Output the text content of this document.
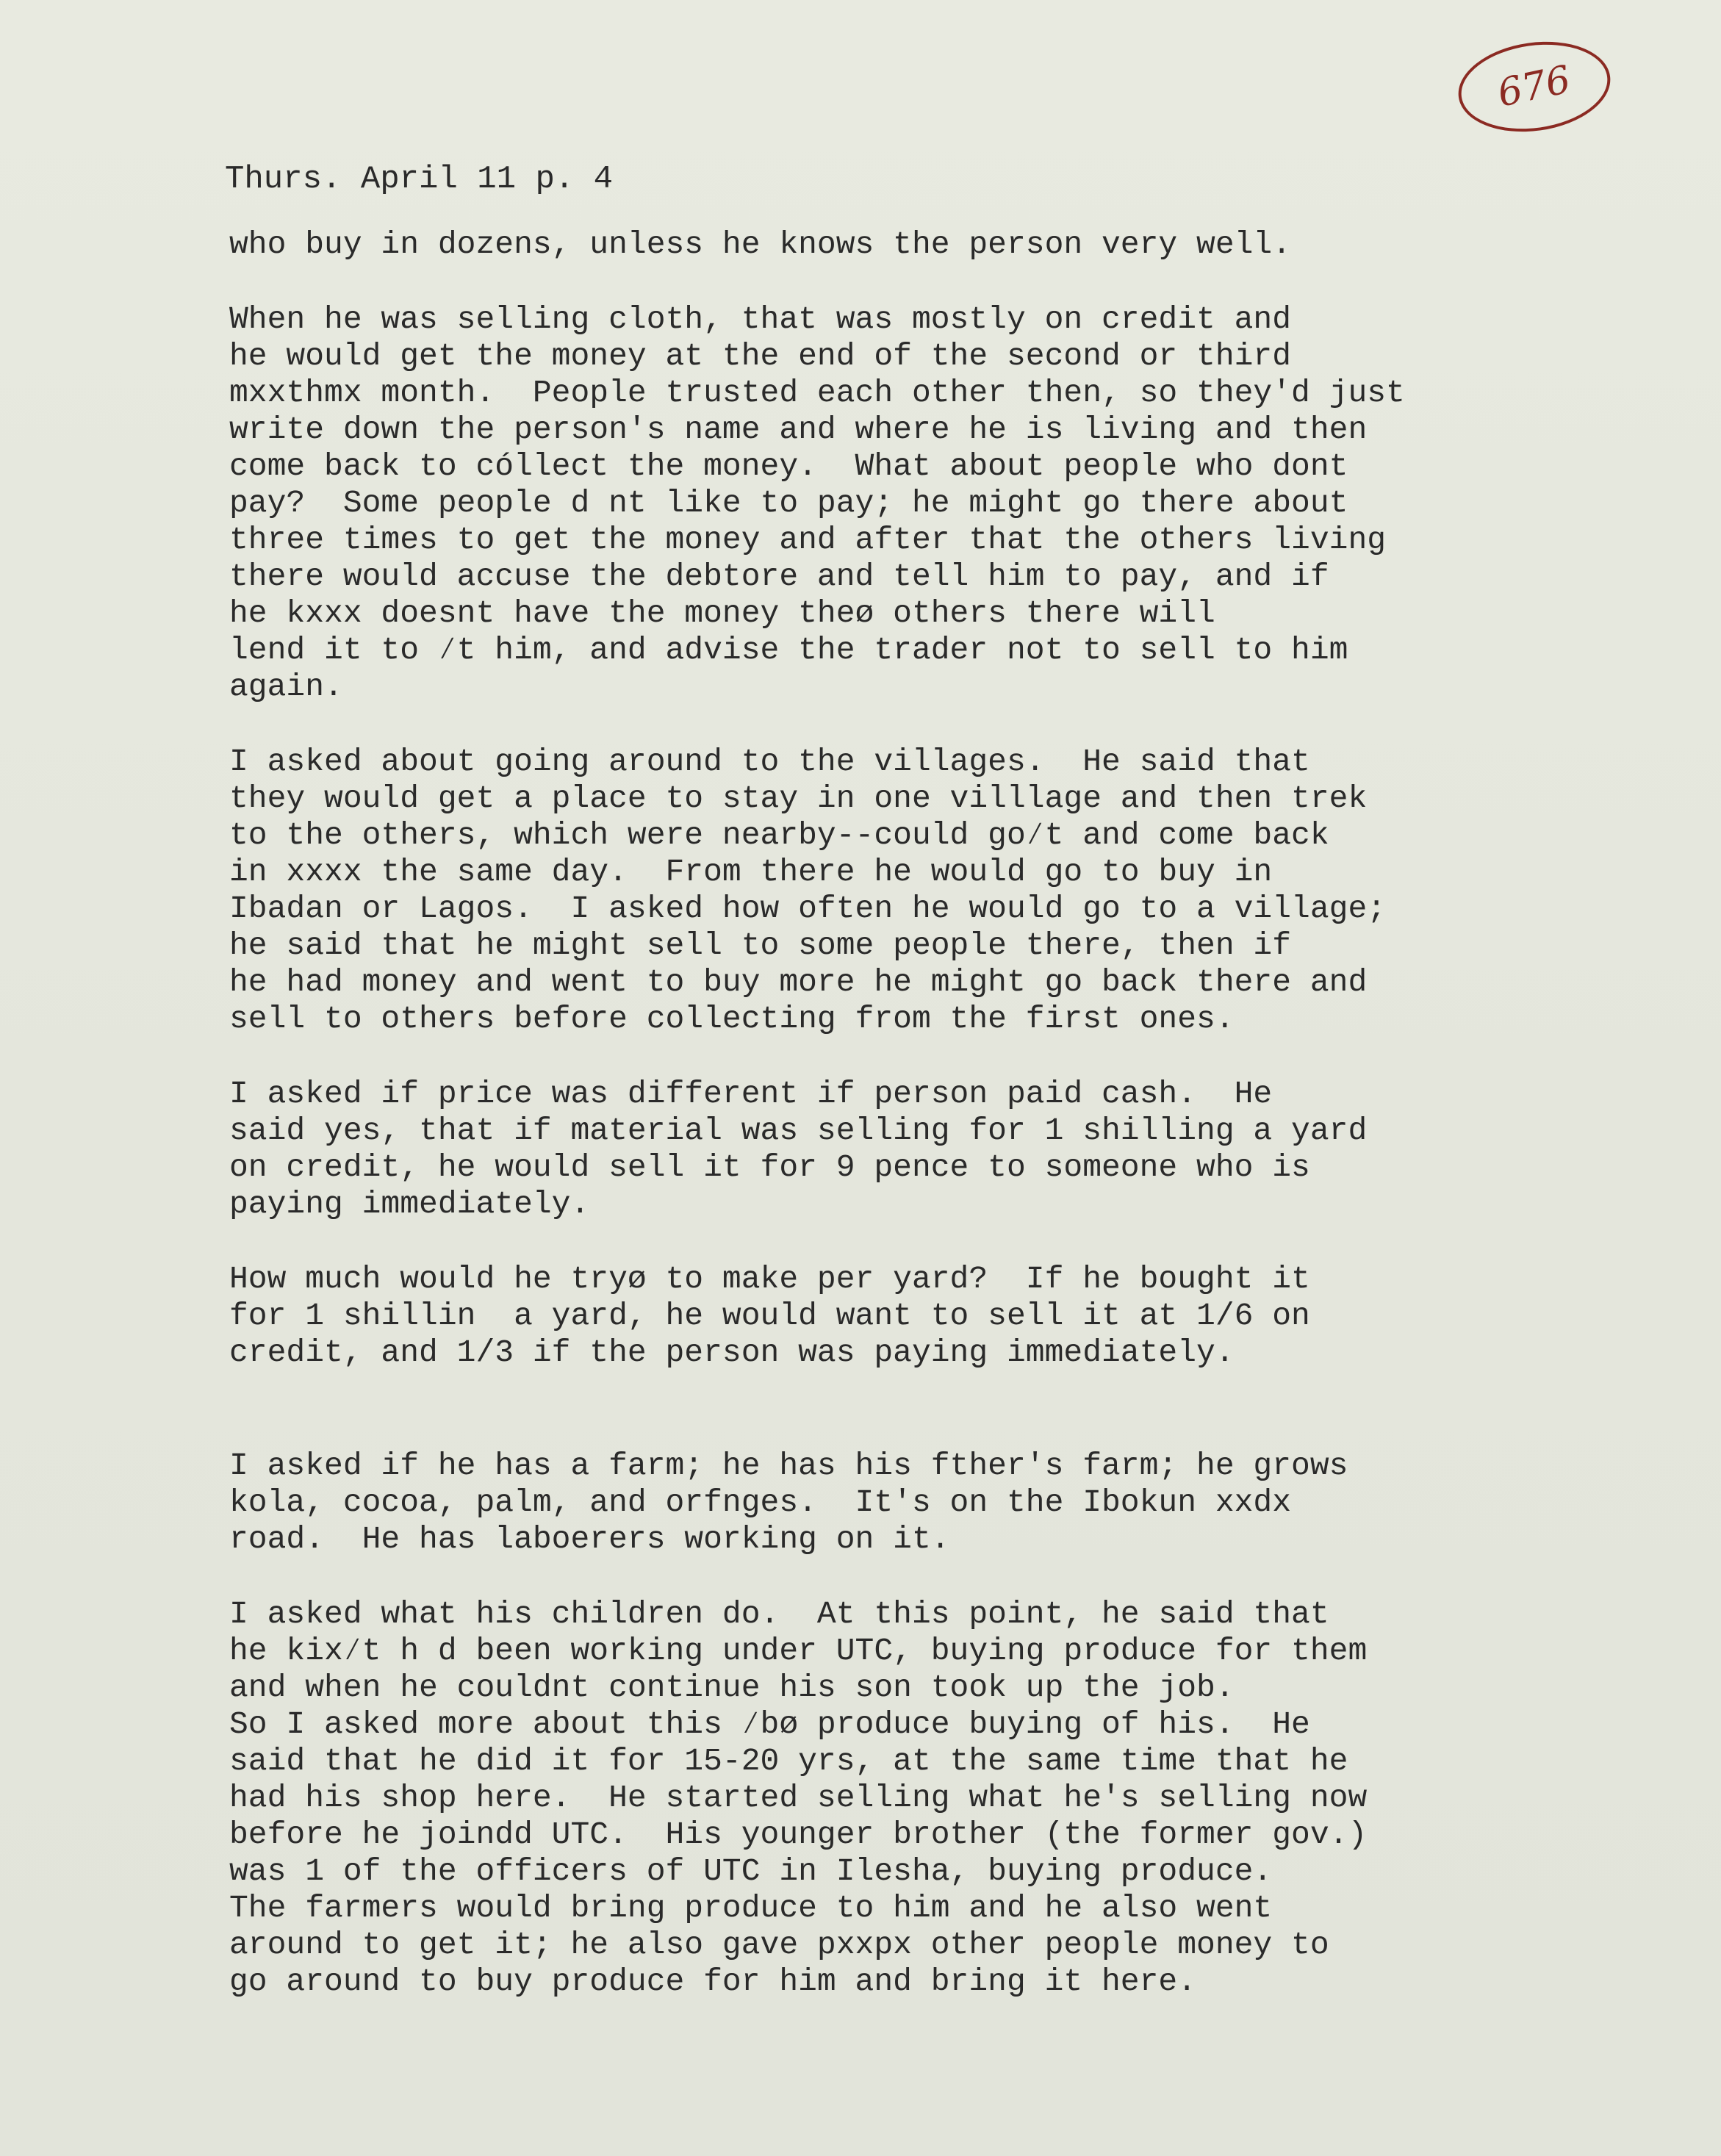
676
Thurs. April 11 p. 4
who buy in dozens, unless he knows the person very well.
When he was selling cloth, that was mostly on credit and
he would get the money at the end of the second or third
mxxthmx month.  People trusted each other then, so they'd just
write down the person's name and where he is living and then
come back to cóllect the money.  What about people who dont
pay?  Some people d nt like to pay; he might go there about
three times to get the money and after that the others living
there would accuse the debtore and tell him to pay, and if
he kxxx doesnt have the money theø others there will
lend it to ⁄t him, and advise the trader not to sell to him
again.
I asked about going around to the villages.  He said that
they would get a place to stay in one villlage and then trek
to the others, which were nearby--could go⁄t and come back
in xxxx the same day.  From there he would go to buy in
Ibadan or Lagos.  I asked how often he would go to a village;
he said that he might sell to some people there, then if
he had money and went to buy more he might go back there and
sell to others before collecting from the first ones.
I asked if price was different if person paid cash.  He
said yes, that if material was selling for 1 shilling a yard
on credit, he would sell it for 9 pence to someone who is
paying immediately.
How much would he tryø to make per yard?  If he bought it
for 1 shillin  a yard, he would want to sell it at 1/6 on
credit, and 1/3 if the person was paying immediately.
I asked if he has a farm; he has his fther's farm; he grows
kola, cocoa, palm, and orfnges.  It's on the Ibokun xxdx
road.  He has laboerers working on it.
I asked what his children do.  At this point, he said that
he kix⁄t h d been working under UTC, buying produce for them
and when he couldnt continue his son took up the job.
So I asked more about this ⁄bø produce buying of his.  He
said that he did it for 15-20 yrs, at the same time that he
had his shop here.  He started selling what he's selling now
before he joindd UTC.  His younger brother (the former gov.)
was 1 of the officers of UTC in Ilesha, buying produce.
The farmers would bring produce to him and he also went
around to get it; he also gave pxxpx other people money to
go around to buy produce for him and bring it here.
